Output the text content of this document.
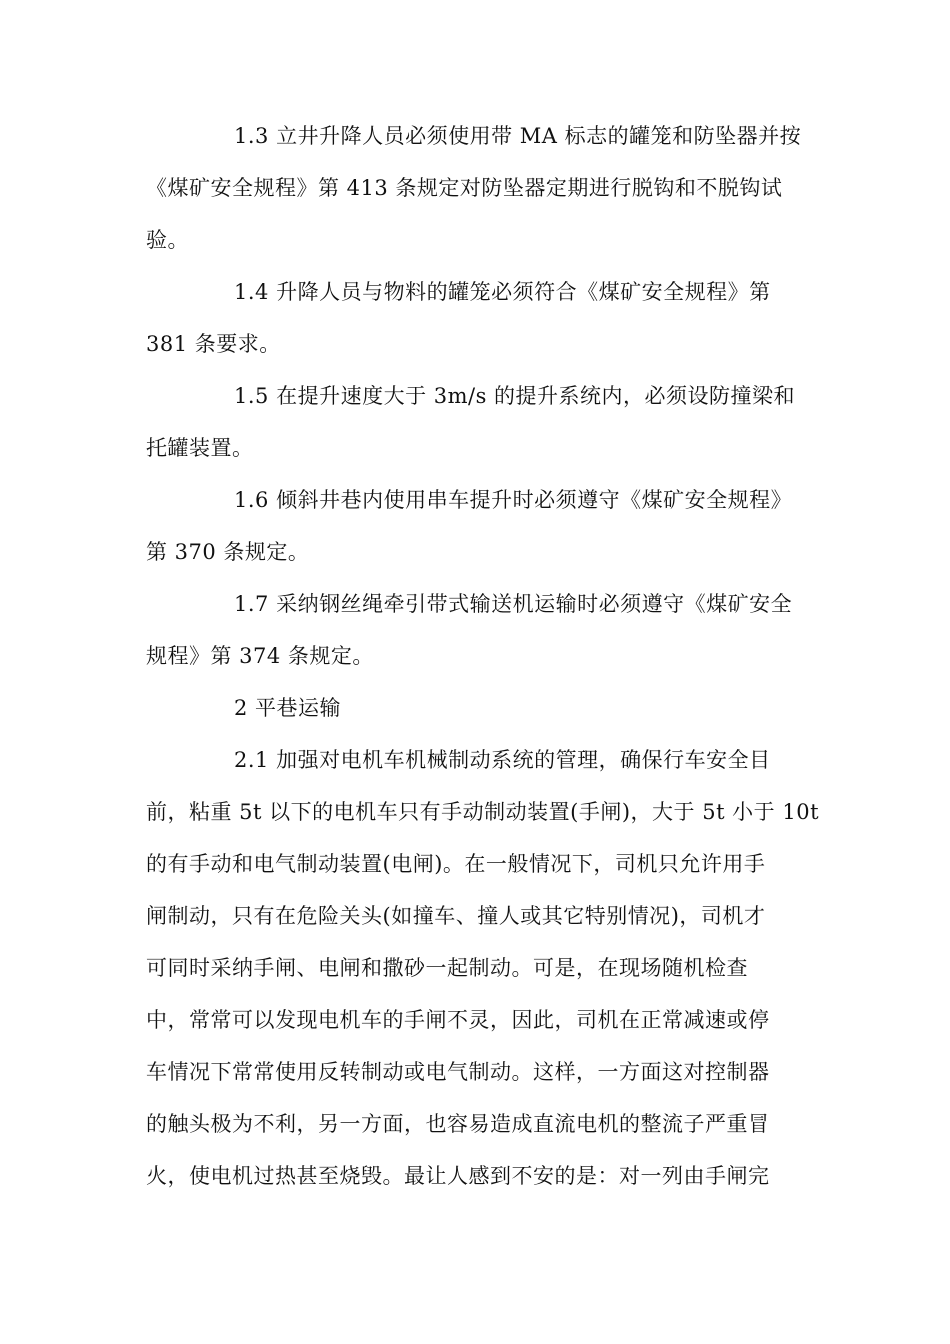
1.3 立井升降人员必须使用带 MA 标志的罐笼和防坠器并按
《煤矿安全规程》第 413 条规定对防坠器定期进行脱钩和不脱钩试
验。
1.4 升降人员与物料的罐笼必须符合《煤矿安全规程》第
381 条要求。
1.5 在提升速度大于 3m/s 的提升系统内，必须设防撞梁和
托罐装置。
1.6 倾斜井巷内使用串车提升时必须遵守《煤矿安全规程》
第 370 条规定。
1.7 采纳钢丝绳牵引带式输送机运输时必须遵守《煤矿安全
规程》第 374 条规定。
2 平巷运输
2.1 加强对电机车机械制动系统的管理，确保行车安全目
前，粘重 5t 以下的电机车只有手动制动装置(手闸)，大于 5t 小于 10t
的有手动和电气制动装置(电闸)。在一般情况下，司机只允许用手
闸制动，只有在危险关头(如撞车、撞人或其它特别情况)，司机才
可同时采纳手闸、电闸和撒砂一起制动。可是，在现场随机检查
中，常常可以发现电机车的手闸不灵，因此，司机在正常减速或停
车情况下常常使用反转制动或电气制动。这样，一方面这对控制器
的触头极为不利，另一方面，也容易造成直流电机的整流子严重冒
火，使电机过热甚至烧毁。最让人感到不安的是：对一列由手闸完
